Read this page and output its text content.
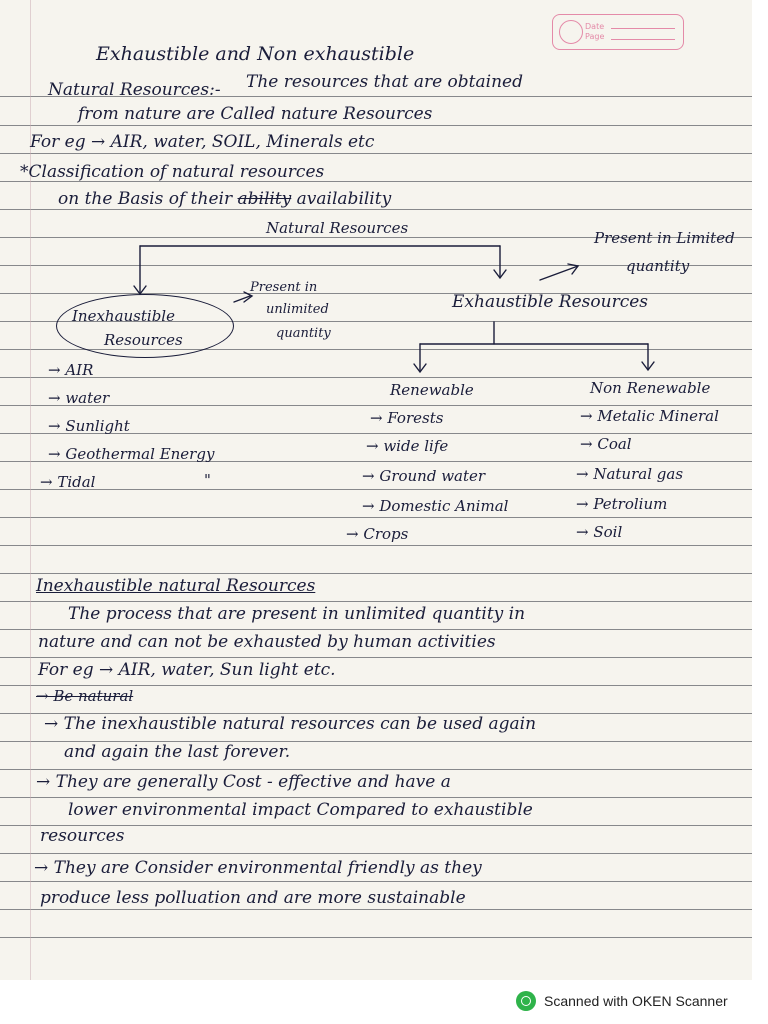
Date
Page
Exhaustible and Non exhaustible
Natural Resources:- The resources that are obtained
from nature are Called nature Resources
For eg → AIR, water, SOIL, Minerals etc
*Classification of natural resources
on the Basis of their ability availability
Natural Resources
Present in Limited
quantity
Inexhaustible
Resources
Present in
unlimited
quantity
Exhaustible Resources
→ AIR
→ water
→ Sunlight
→ Geothermal Energy
→ Tidal	"
Renewable	Non Renewable
→ Forests
→ wide life
→ Ground water
→ Domestic Animal
→ Crops
→ Metalic Mineral
→ Coal
→ Natural gas
→ Petrolium
→ Soil
Inexhaustible natural Resources
The process that are present in unlimited quantity in
nature and can not be exhausted by human activities
For eg → AIR, water, Sun light etc.
→ Be natural
→ The inexhaustible natural resources can be used again
and again the last forever.
→ They are generally Cost - effective and have a
lower environmental impact Compared to exhaustible
resources
→ They are Consider environmental friendly as they
produce less polluation and are more sustainable
Scanned with OKEN Scanner
